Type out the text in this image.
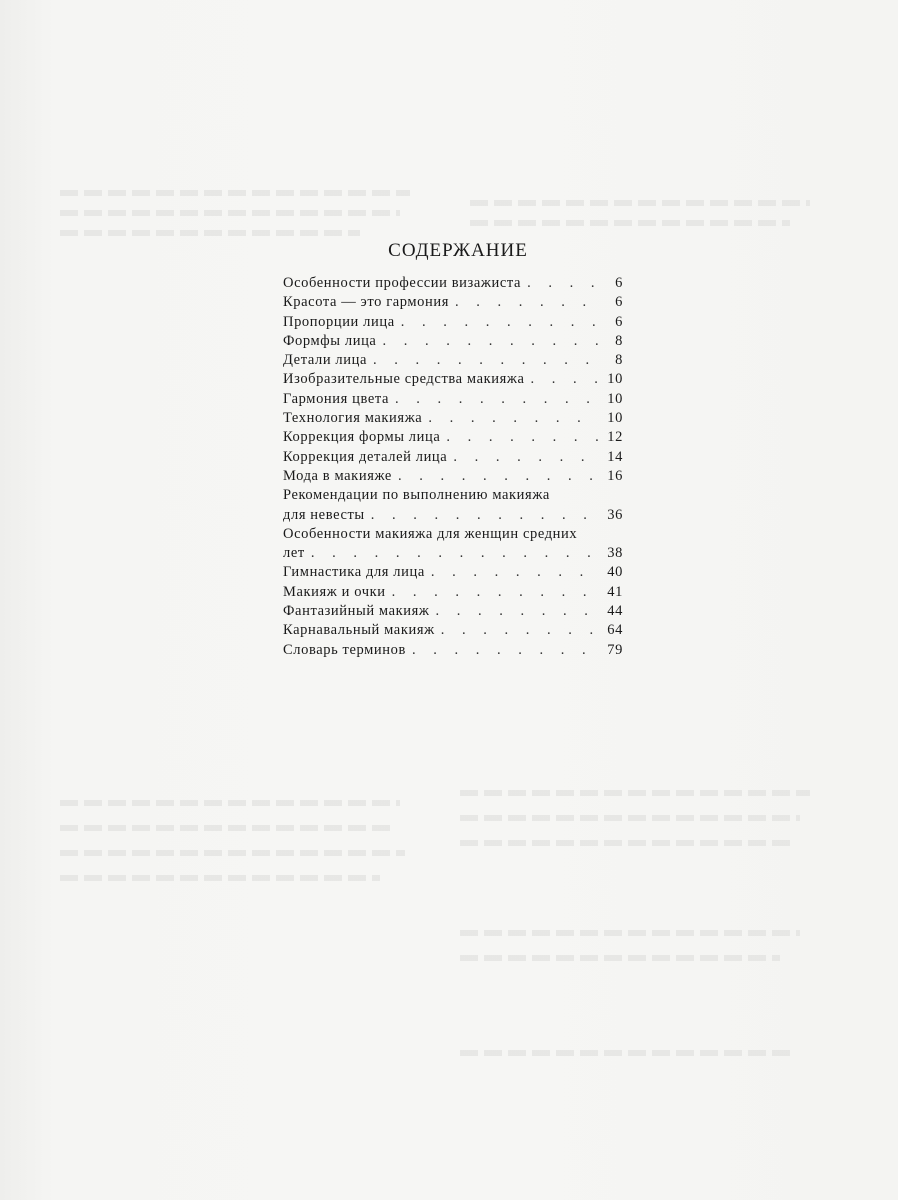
СОДЕРЖАНИЕ
Особенности профессии визажиста . . .	6
Красота — это гармония . . .	6
Пропорции лица . . .	6
Формфы лица . . .	8
Детали лица . . .	8
Изобразительные средства макияжа . . .	10
Гармония цвета . . .	10
Технология макияжа . . .	10
Коррекция формы лица . . .	12
Коррекция деталей лица . . .	14
Мода в макияже . . .	16
Рекомендации по выполнению макияжа
для невесты . . .	36
Особенности макияжа для женщин средних
лет . . .	38
Гимнастика для лица . . .	40
Макияж и очки . . .	41
Фантазийный макияж . . .	44
Карнавальный макияж . . .	64
Словарь терминов . . .	79
